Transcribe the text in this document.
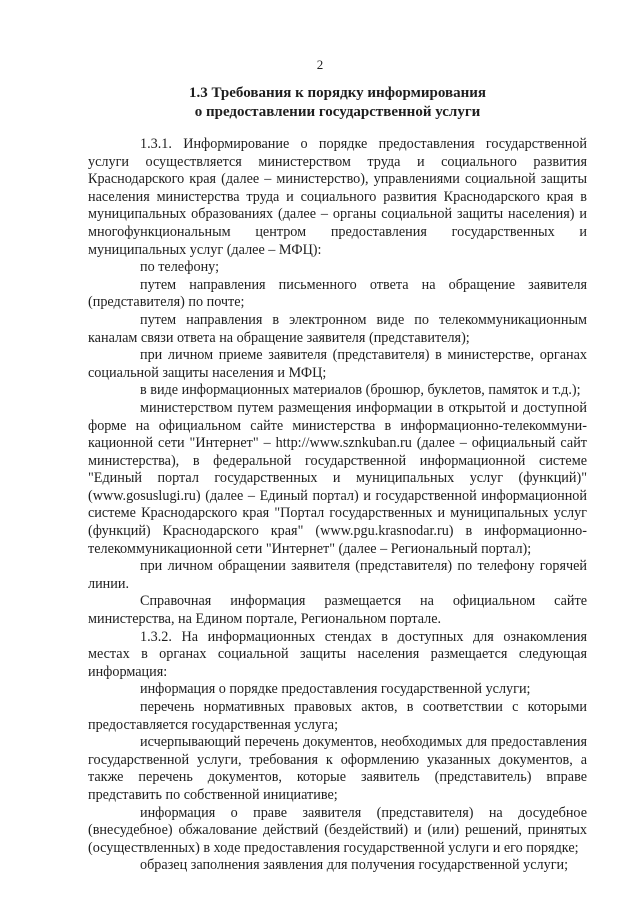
2
1.3 Требования к порядку информирования
о предоставлении государственной услуги

1.3.1. Информирование о порядке предоставления государственной услуги осуществляется министерством труда и социального развития Краснодарского края (далее – министерство), управлениями социальной защиты населения министерства труда и социального развития Краснодарского края в муниципальных образованиях (далее – органы социальной защиты населения) и многофункциональным центром предоставления государственных и муниципальных услуг (далее – МФЦ):

по телефону;

путем направления письменного ответа на обращение заявителя (представителя) по почте;

путем направления в электронном виде по телекоммуникационным каналам связи ответа на обращение заявителя (представителя);

при личном приеме заявителя (представителя) в министерстве, органах социальной защиты населения и МФЦ;

в виде информационных материалов (брошюр, буклетов, памяток и т.д.);

министерством путем размещения информации в открытой и доступной форме на официальном сайте министерства в информационно-телекоммуни-кационной сети "Интернет" – http://www.sznkuban.ru (далее – официальный сайт министерства), в федеральной государственной информационной системе "Единый портал государственных и муниципальных услуг (функций)" (www.gosuslugi.ru) (далее – Единый портал) и государственной информационной системе Краснодарского края "Портал государственных и муниципальных услуг (функций) Краснодарского края" (www.pgu.krasnodar.ru) в информационно-телекоммуникационной сети "Интернет" (далее – Региональный портал);

при личном обращении заявителя (представителя) по телефону горячей линии.

Справочная информация размещается на официальном сайте министерства, на Едином портале, Региональном портале.

1.3.2. На информационных стендах в доступных для ознакомления местах в органах социальной защиты населения размещается следующая информация:

информация о порядке предоставления государственной услуги;

перечень нормативных правовых актов, в соответствии с которыми предоставляется государственная услуга;

исчерпывающий перечень документов, необходимых для предоставления государственной услуги, требования к оформлению указанных документов, а также перечень документов, которые заявитель (представитель) вправе представить по собственной инициативе;

информация о праве заявителя (представителя) на досудебное (внесудебное) обжалование действий (бездействий) и (или) решений, принятых (осуществленных) в ходе предоставления государственной услуги и его порядке;

образец заполнения заявления для получения государственной услуги;
